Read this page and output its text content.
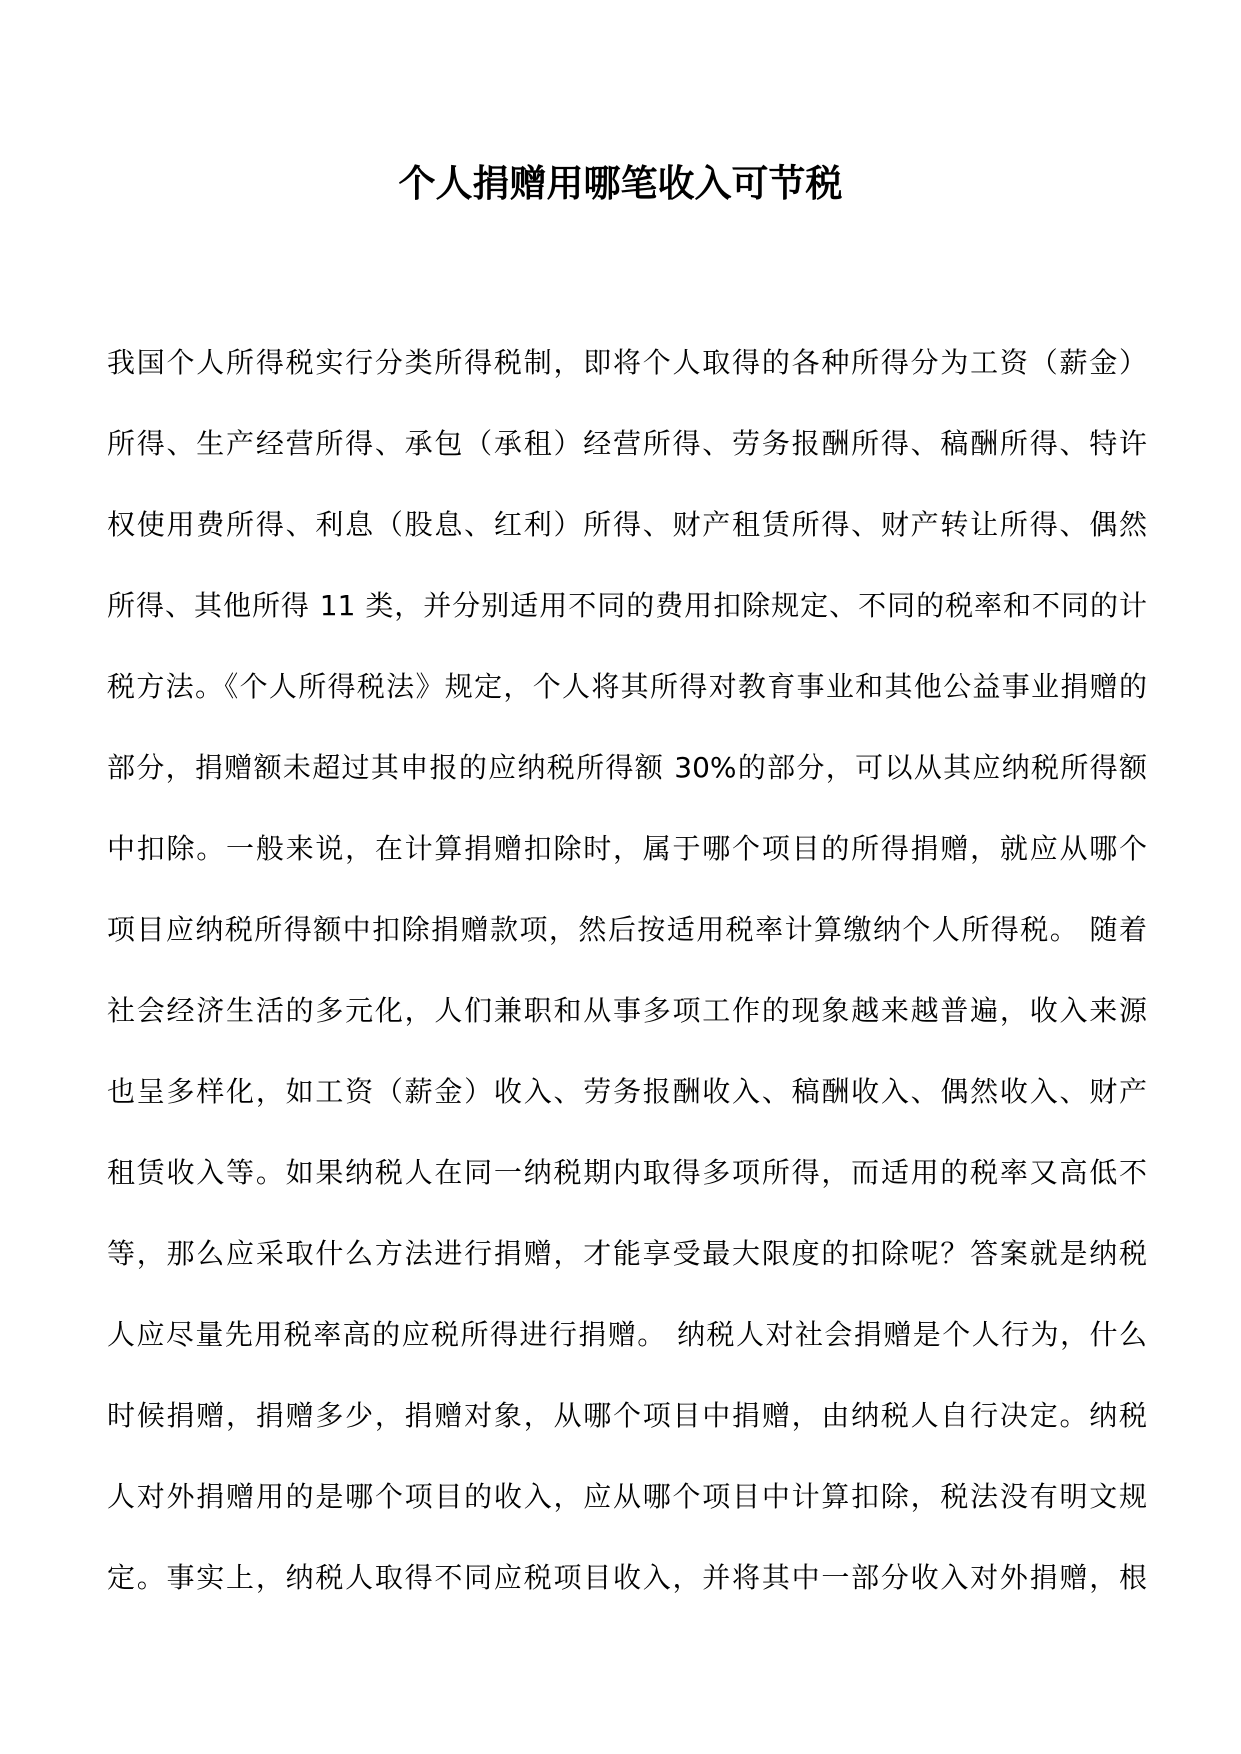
个人捐赠用哪笔收入可节税
我国个人所得税实行分类所得税制，即将个人取得的各种所得分为工资（薪金）
所得、生产经营所得、承包（承租）经营所得、劳务报酬所得、稿酬所得、特许
权使用费所得、利息（股息、红利）所得、财产租赁所得、财产转让所得、偶然
所得、其他所得 11 类，并分别适用不同的费用扣除规定、不同的税率和不同的计
税方法。《个人所得税法》规定，个人将其所得对教育事业和其他公益事业捐赠的
部分，捐赠额未超过其申报的应纳税所得额 30%的部分，可以从其应纳税所得额
中扣除。一般来说，在计算捐赠扣除时，属于哪个项目的所得捐赠，就应从哪个
项目应纳税所得额中扣除捐赠款项，然后按适用税率计算缴纳个人所得税。 随着
社会经济生活的多元化，人们兼职和从事多项工作的现象越来越普遍，收入来源
也呈多样化，如工资（薪金）收入、劳务报酬收入、稿酬收入、偶然收入、财产
租赁收入等。如果纳税人在同一纳税期内取得多项所得，而适用的税率又高低不
等，那么应采取什么方法进行捐赠，才能享受最大限度的扣除呢？答案就是纳税
人应尽量先用税率高的应税所得进行捐赠。 纳税人对社会捐赠是个人行为，什么
时候捐赠，捐赠多少，捐赠对象，从哪个项目中捐赠，由纳税人自行决定。纳税
人对外捐赠用的是哪个项目的收入，应从哪个项目中计算扣除，税法没有明文规
定。事实上，纳税人取得不同应税项目收入，并将其中一部分收入对外捐赠，根
